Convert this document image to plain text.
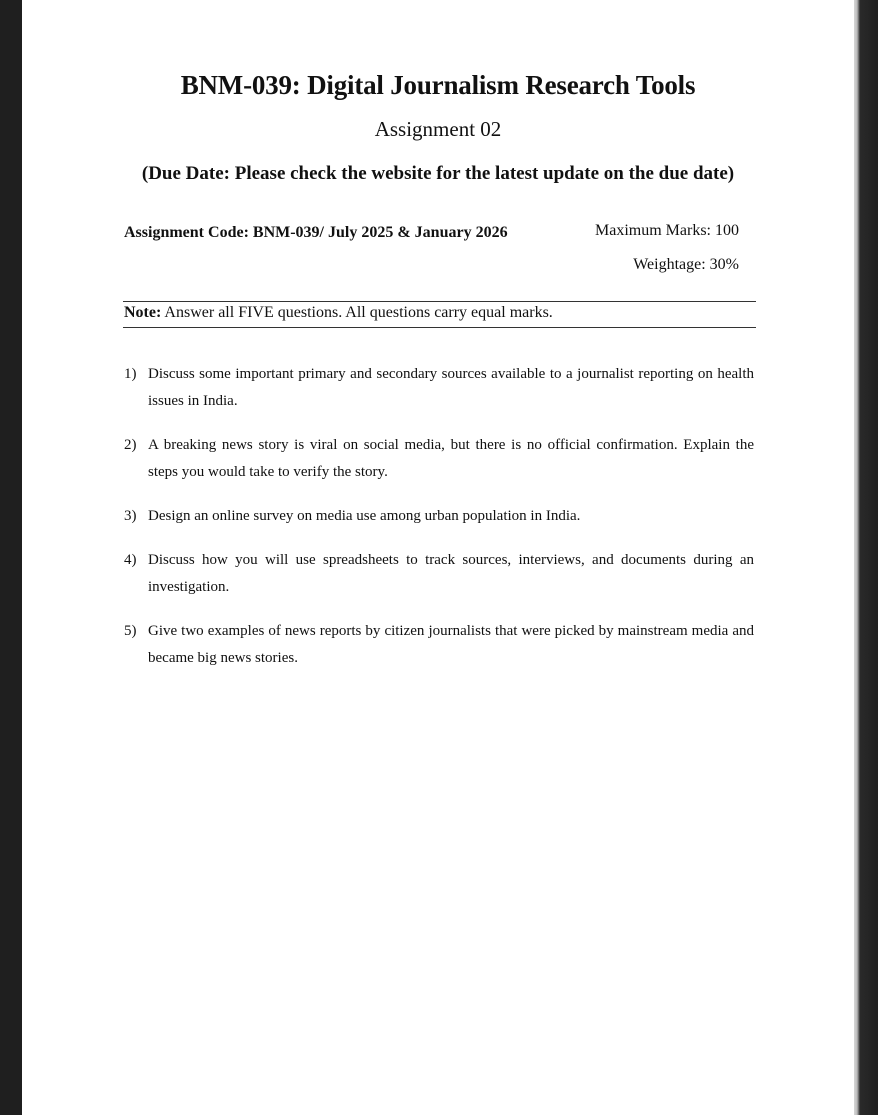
BNM-039: Digital Journalism Research Tools
Assignment 02
(Due Date: Please check the website for the latest update on the due date)
Assignment Code: BNM-039/ July 2025 & January 2026	Maximum Marks: 100
Weightage: 30%
Note: Answer all FIVE questions. All questions carry equal marks.
1) Discuss some important primary and secondary sources available to a journalist reporting on health issues in India.
2) A breaking news story is viral on social media, but there is no official confirmation. Explain the steps you would take to verify the story.
3) Design an online survey on media use among urban population in India.
4) Discuss how you will use spreadsheets to track sources, interviews, and documents during an investigation.
5) Give two examples of news reports by citizen journalists that were picked by mainstream media and became big news stories.
